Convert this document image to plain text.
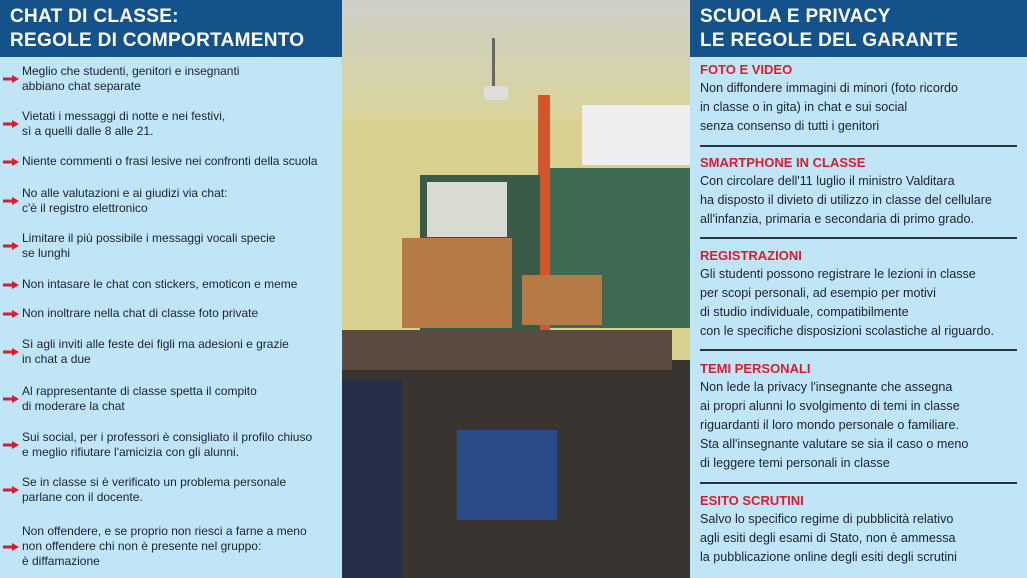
CHAT DI CLASSE:
REGOLE DI COMPORTAMENTO
Meglio che studenti, genitori e insegnanti
abbiano chat separate
Vietati i messaggi di notte e nei festivi,
sì a quelli dalle 8 alle 21.
Niente commenti o frasi lesive nei confronti della scuola
No alle valutazioni e ai giudizi via chat:
c'è il registro elettronico
Limitare il più possibile i messaggi vocali specie
se lunghi
Non intasare le chat con stickers, emoticon e meme
Non inoltrare nella chat di classe foto private
Sì agli inviti alle feste dei figli ma adesioni e grazie
in chat a due
Al rappresentante di classe spetta il compito
di moderare la chat
Sui social, per i professori è consigliato il profilo chiuso
e meglio rifiutare l'amicizia con gli alunni.
Se in classe si è verificato un problema personale
parlane con il docente.
Non offendere, e se proprio non riesci a farne a meno
non offendere chi non è presente nel gruppo:
è diffamazione
SCUOLA E PRIVACY
LE REGOLE DEL GARANTE
FOTO E VIDEO
Non diffondere immagini di minori (foto ricordo
in classe o in gita) in chat e sui social
senza consenso di tutti i genitori
SMARTPHONE IN CLASSE
Con circolare dell'11 luglio il ministro Valditara
ha disposto il divieto di utilizzo in classe del cellulare
all'infanzia, primaria e secondaria di primo grado.
REGISTRAZIONI
Gli studenti possono registrare le lezioni in classe
per scopi personali, ad esempio per motivi
di studio individuale, compatibilmente
con le specifiche disposizioni scolastiche al riguardo.
TEMI PERSONALI
Non lede la privacy l'insegnante che assegna
ai propri alunni lo svolgimento di temi in classe
riguardanti il loro mondo personale o familiare.
Sta all'insegnante valutare se sia il caso o meno
di leggere temi personali in classe
ESITO SCRUTINI
Salvo lo specifico regime di pubblicità relativo
agli esiti degli esami di Stato, non è ammessa
la pubblicazione online degli esiti degli scrutini
